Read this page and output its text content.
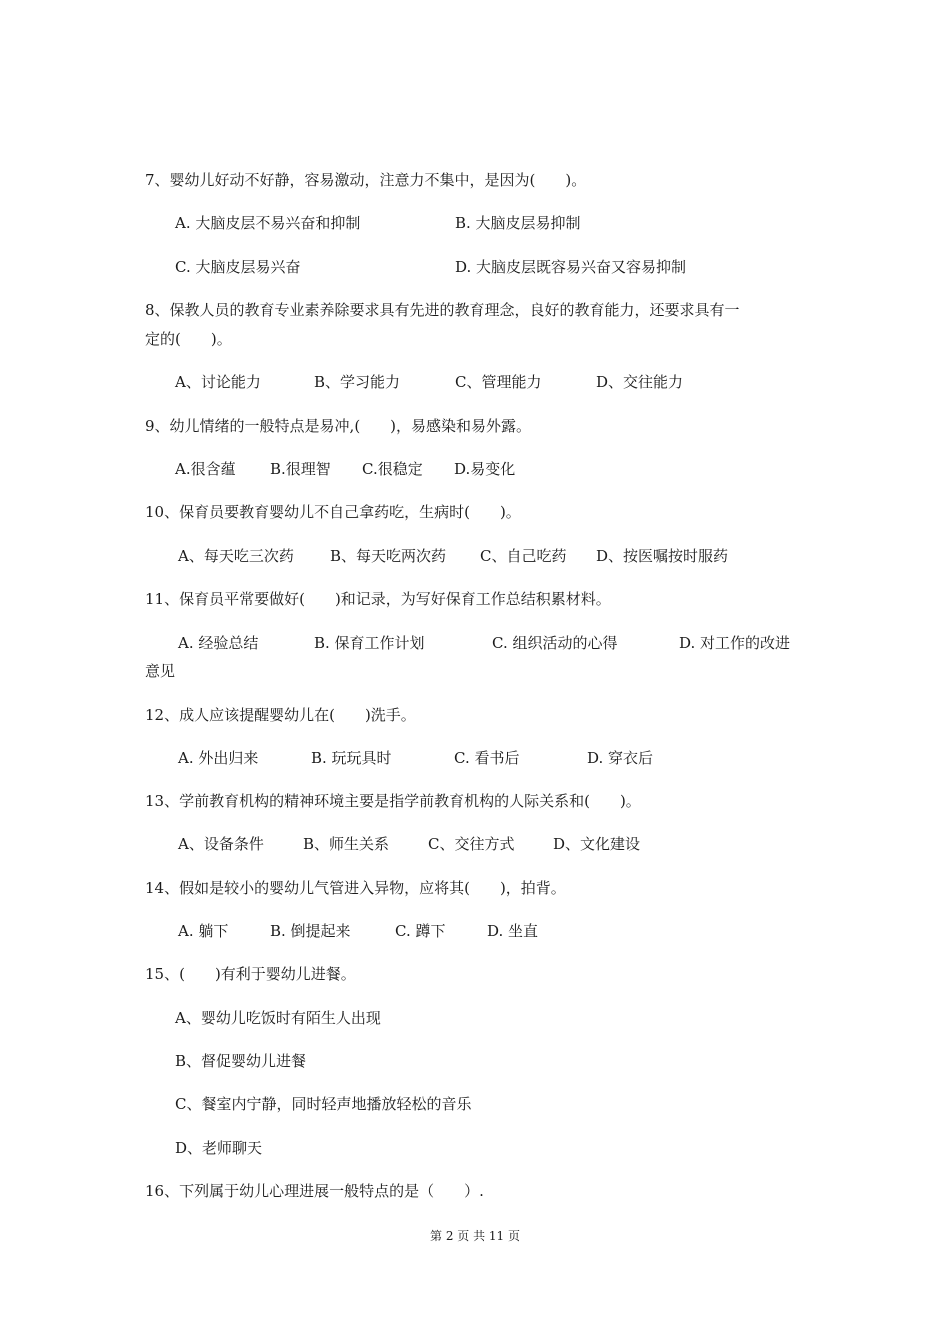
7、婴幼儿好动不好静，容易激动，注意力不集中，是因为(　　)。
A. 大脑皮层不易兴奋和抑制	B. 大脑皮层易抑制
C. 大脑皮层易兴奋	D. 大脑皮层既容易兴奋又容易抑制
8、保教人员的教育专业素养除要求具有先进的教育理念，良好的教育能力，还要求具有一
定的(　　)。
A、讨论能力	B、学习能力	C、管理能力	D、交往能力
9、幼儿情绪的一般特点是易冲,(　　)，易感染和易外露。
A.很含蕴 B.很理智 C.很稳定 D.易变化
10、保育员要教育婴幼儿不自己拿药吃，生病时(　　)。
A、每天吃三次药 B、每天吃两次药 C、自己吃药 D、按医嘱按时服药
11、保育员平常要做好(　　)和记录，为写好保育工作总结积累材料。
A. 经验总结	B. 保育工作计划	C. 组织活动的心得	D. 对工作的改进
意见
12、成人应该提醒婴幼儿在(　　)洗手。
A. 外出归来	B. 玩玩具时	C. 看书后	D. 穿衣后
13、学前教育机构的精神环境主要是指学前教育机构的人际关系和(　　)。
A、设备条件	B、师生关系	C、交往方式	D、文化建设
14、假如是较小的婴幼儿气管进入异物，应将其(　　)，拍背。
A. 躺下	B. 倒提起来	C. 蹲下	D. 坐直
15、(　　)有利于婴幼儿进餐。
A、婴幼儿吃饭时有陌生人出现
B、督促婴幼儿进餐
C、餐室内宁静，同时轻声地播放轻松的音乐
D、老师聊天
16、下列属于幼儿心理进展一般特点的是（　　）.
第 2 页 共 11 页
